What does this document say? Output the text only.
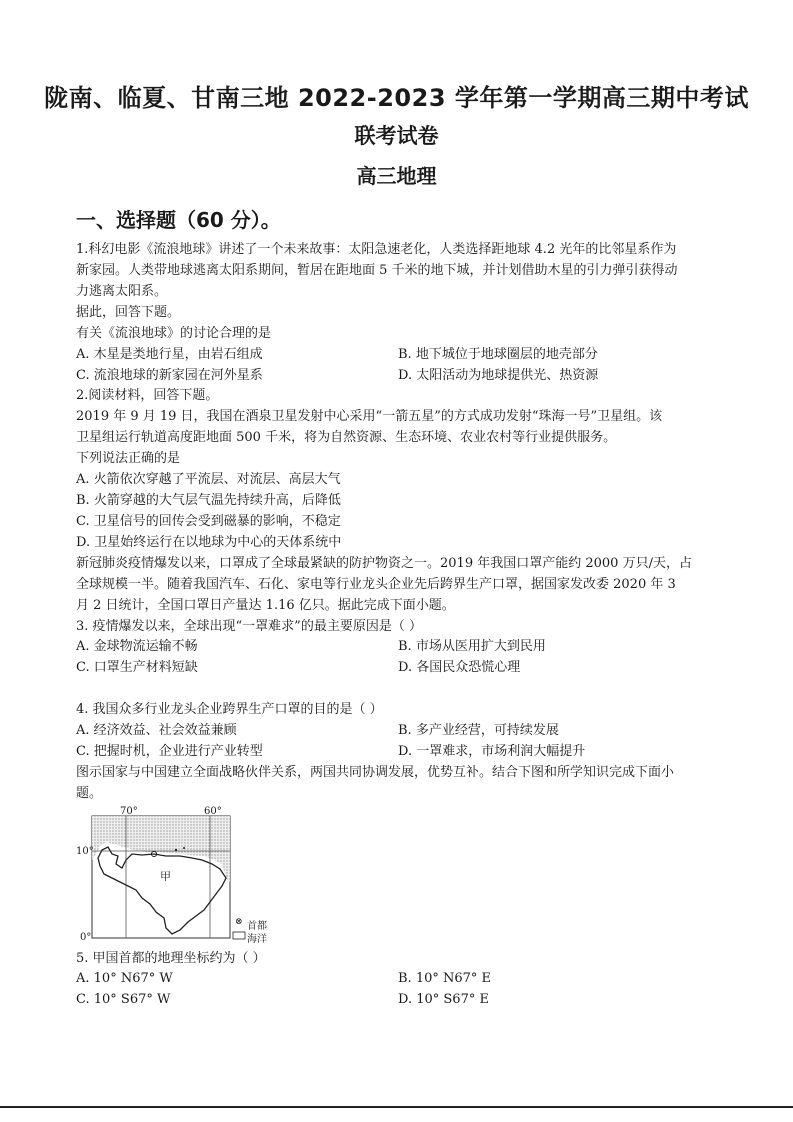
陇南、临夏、甘南三地 2022-2023 学年第一学期高三期中考试
联考试卷
高三地理
一、选择题（60 分）。
1.科幻电影《流浪地球》讲述了一个未来故事：太阳急速老化，人类选择距地球 4.2 光年的比邻星系作为
新家园。人类带地球逃离太阳系期间，暂居在距地面 5 千米的地下城，并计划借助木星的引力弹引获得动
力逃离太阳系。
据此，回答下题。
有关《流浪地球》的讨论合理的是
A. 木星是类地行星，由岩石组成	B. 地下城位于地球圈层的地壳部分
C. 流浪地球的新家园在河外星系	D. 太阳活动为地球提供光、热资源
2.阅读材料，回答下题。
2019 年 9 月 19 日，我国在酒泉卫星发射中心采用“一箭五星”的方式成功发射“珠海一号”卫星组。该
卫星组运行轨道高度距地面 500 千米，将为自然资源、生态环境、农业农村等行业提供服务。
下列说法正确的是
A. 火箭依次穿越了平流层、对流层、高层大气
B. 火箭穿越的大气层气温先持续升高，后降低
C. 卫星信号的回传会受到磁暴的影响，不稳定
D. 卫星始终运行在以地球为中心的天体系统中
新冠肺炎疫情爆发以来，口罩成了全球最紧缺的防护物资之一。2019 年我国口罩产能约 2000 万只/天，占
全球规模一半。随着我国汽车、石化、家电等行业龙头企业先后跨界生产口罩，据国家发改委 2020 年 3
月 2 日统计，全国口罩日产量达 1.16 亿只。据此完成下面小题。
3. 疫情爆发以来，全球出现“一罩难求”的最主要原因是（ ）
A. 金球物流运输不畅	B. 市场从医用扩大到民用
C. 口罩生产材料短缺	D. 各国民众恐慌心理
4. 我国众多行业龙头企业跨界生产口罩的目的是（ ）
A. 经济效益、社会效益兼顾	B. 多产业经营，可持续发展
C. 把握时机，企业进行产业转型	D. 一罩难求，市场利润大幅提升
图示国家与中国建立全面战略伙伴关系，两国共同协调发展，优势互补。结合下图和所学知识完成下面小
题。
70°	60°
10°
0°
甲
⊗ 首都
海洋
5. 甲国首都的地理坐标约为（ ）
A. 10° N67° W	B. 10° N67° E
C. 10° S67° W	D. 10° S67° E
